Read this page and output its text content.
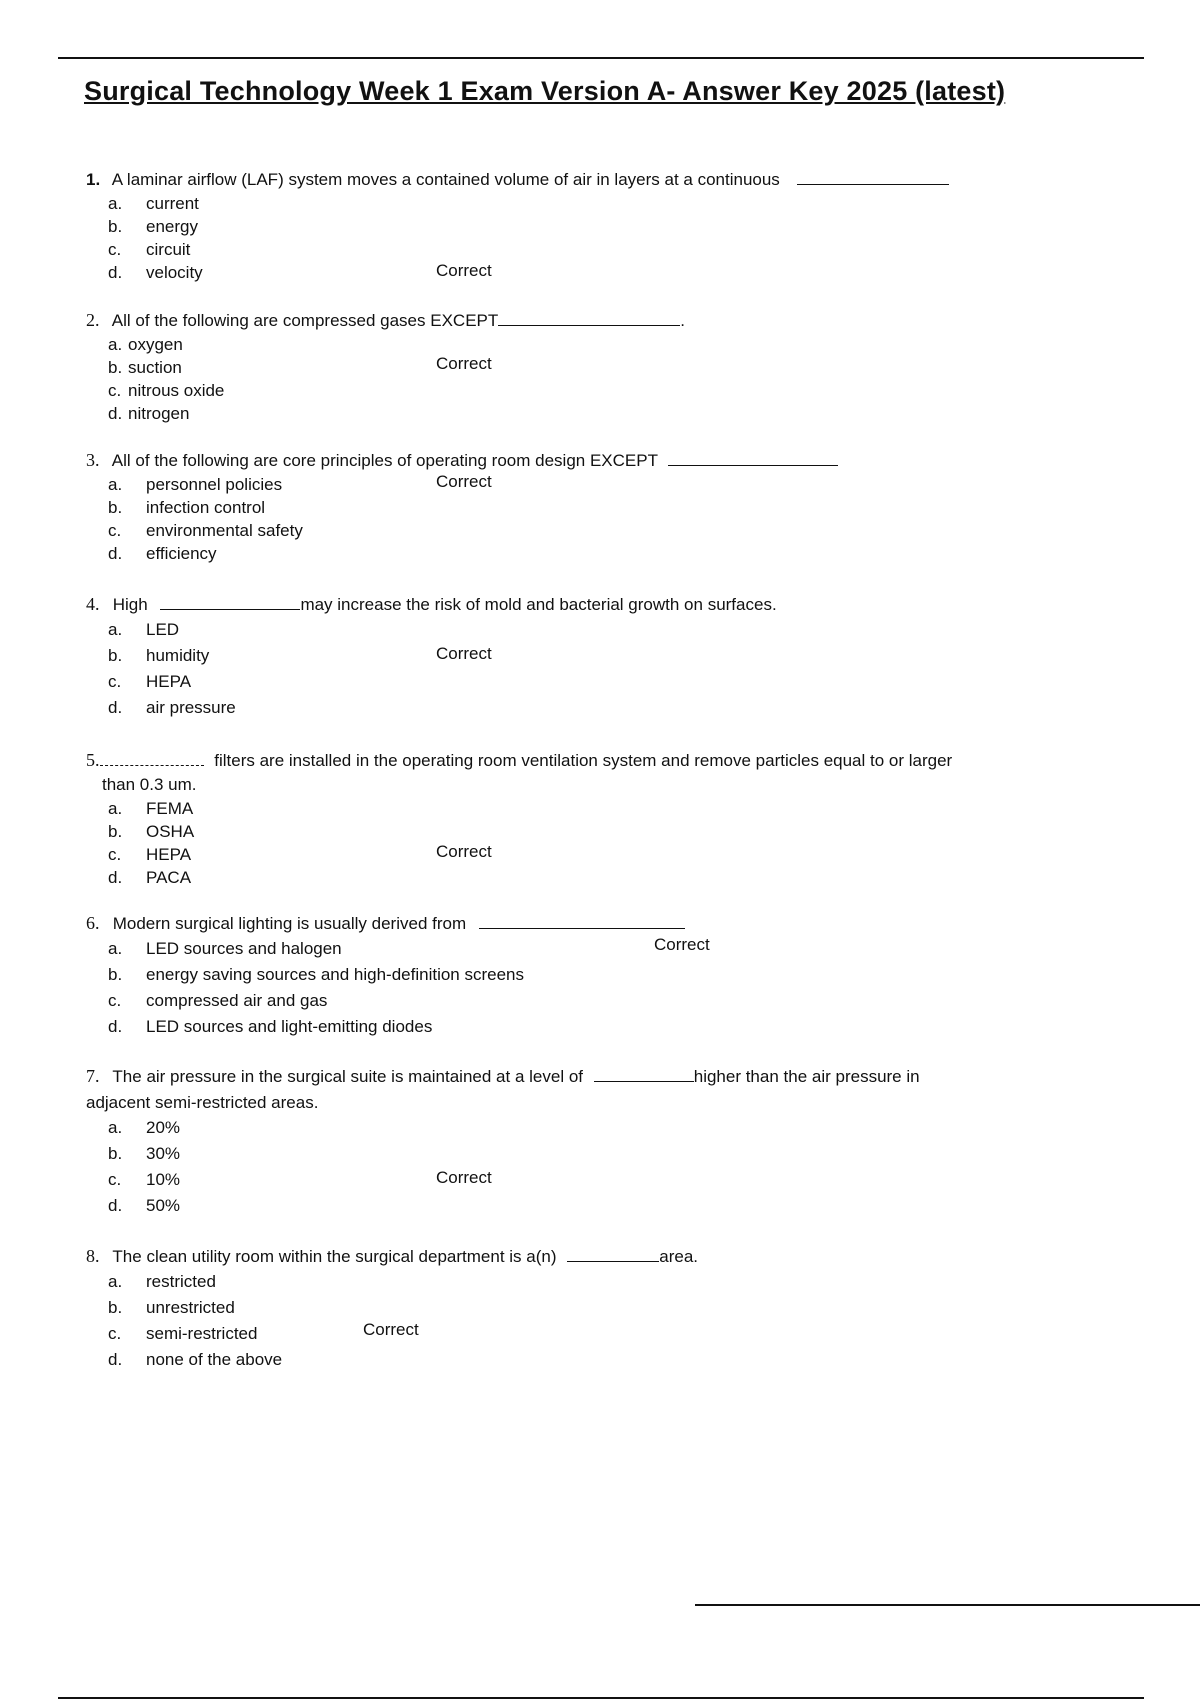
Surgical Technology Week 1 Exam Version A- Answer Key 2025 (latest)
1. A laminar airflow (LAF) system moves a contained volume of air in layers at a continuous
a. current
b. energy
c. circuit
d. velocity	Correct
2. All of the following are compressed gases EXCEPT	.
a. oxygen
b. suction
c. nitrous oxide
d. nitrogen
Correct
3. All of the following are core principles of operating room design EXCEPT
a. personnel policies
b. infection control
c. environmental safety
d. efficiency
Correct
4. High	may increase the risk of mold and bacterial growth on surfaces.
a. LED
b. humidity
c. HEPA
d. air pressure
Correct
5.	filters are installed in the operating room ventilation system and remove particles equal to or larger
than 0.3 um.
a. FEMA
b. OSHA
c. HEPA
d. PACA
Correct
6. Modern surgical lighting is usually derived from
a. LED sources and halogen
b. energy saving sources and high-definition screens
c. compressed air and gas
d. LED sources and light-emitting diodes
Correct
7. The air pressure in the surgical suite is maintained at a level of	higher than the air pressure in
adjacent semi-restricted areas.
a. 20%
b. 30%
c. 10%
d. 50%
Correct
8. The clean utility room within the surgical department is a(n)	area.
a. restricted
b. unrestricted
c. semi-restricted
d. none of the above
Correct
